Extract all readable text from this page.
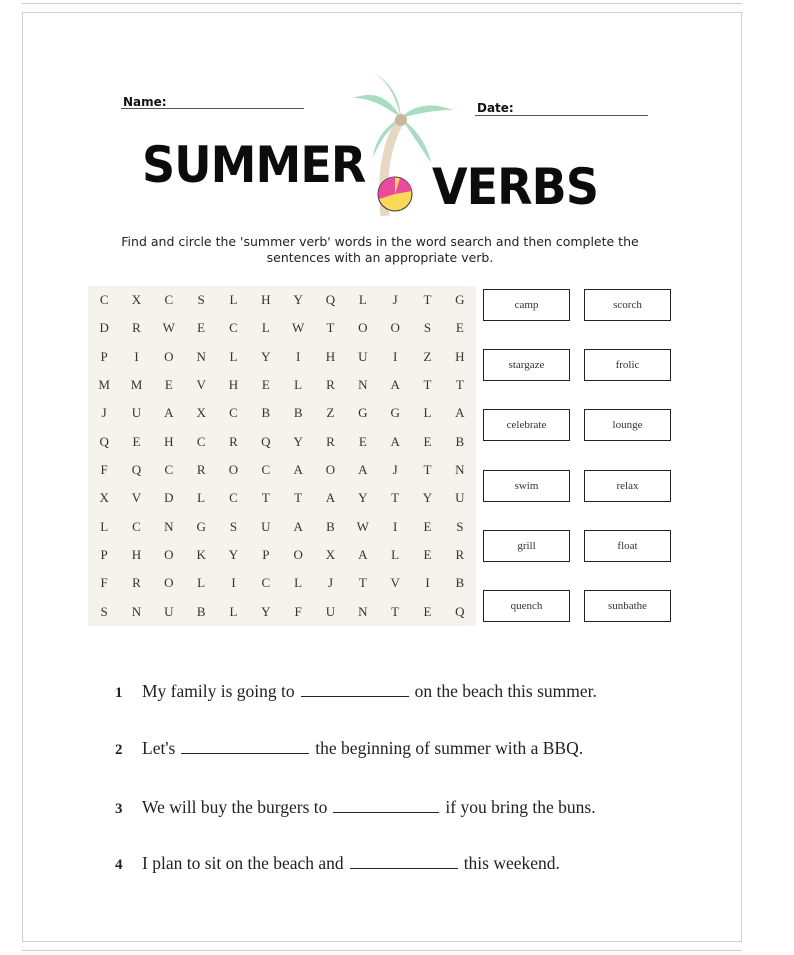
Name:	Date:
SUMMER VERBS
Find and circle the 'summer verb' words in the word search and then complete the sentences with an appropriate verb.
C	X	C	S	L	H	Y	Q	L	J	T	G
D	R	W	E	C	L	W	T	O	O	S	E
P	I	O	N	L	Y	I	H	U	I	Z	H
M	M	E	V	H	E	L	R	N	A	T	T
J	U	A	X	C	B	B	Z	G	G	L	A
Q	E	H	C	R	Q	Y	R	E	A	E	B
F	Q	C	R	O	C	A	O	A	J	T	N
X	V	D	L	C	T	T	A	Y	T	Y	U
L	C	N	G	S	U	A	B	W	I	E	S
P	H	O	K	Y	P	O	X	A	L	E	R
F	R	O	L	I	C	L	J	T	V	I	B
S	N	U	B	L	Y	F	U	N	T	E	Q
camp	scorch
stargaze	frolic
celebrate	lounge
swim	relax
grill	float
quench	sunbathe
1	My family is going to	on the beach this summer.
2	Let's	the beginning of summer with a BBQ.
3	We will buy the burgers to	if you bring the buns.
4	I plan to sit on the beach and	this weekend.
